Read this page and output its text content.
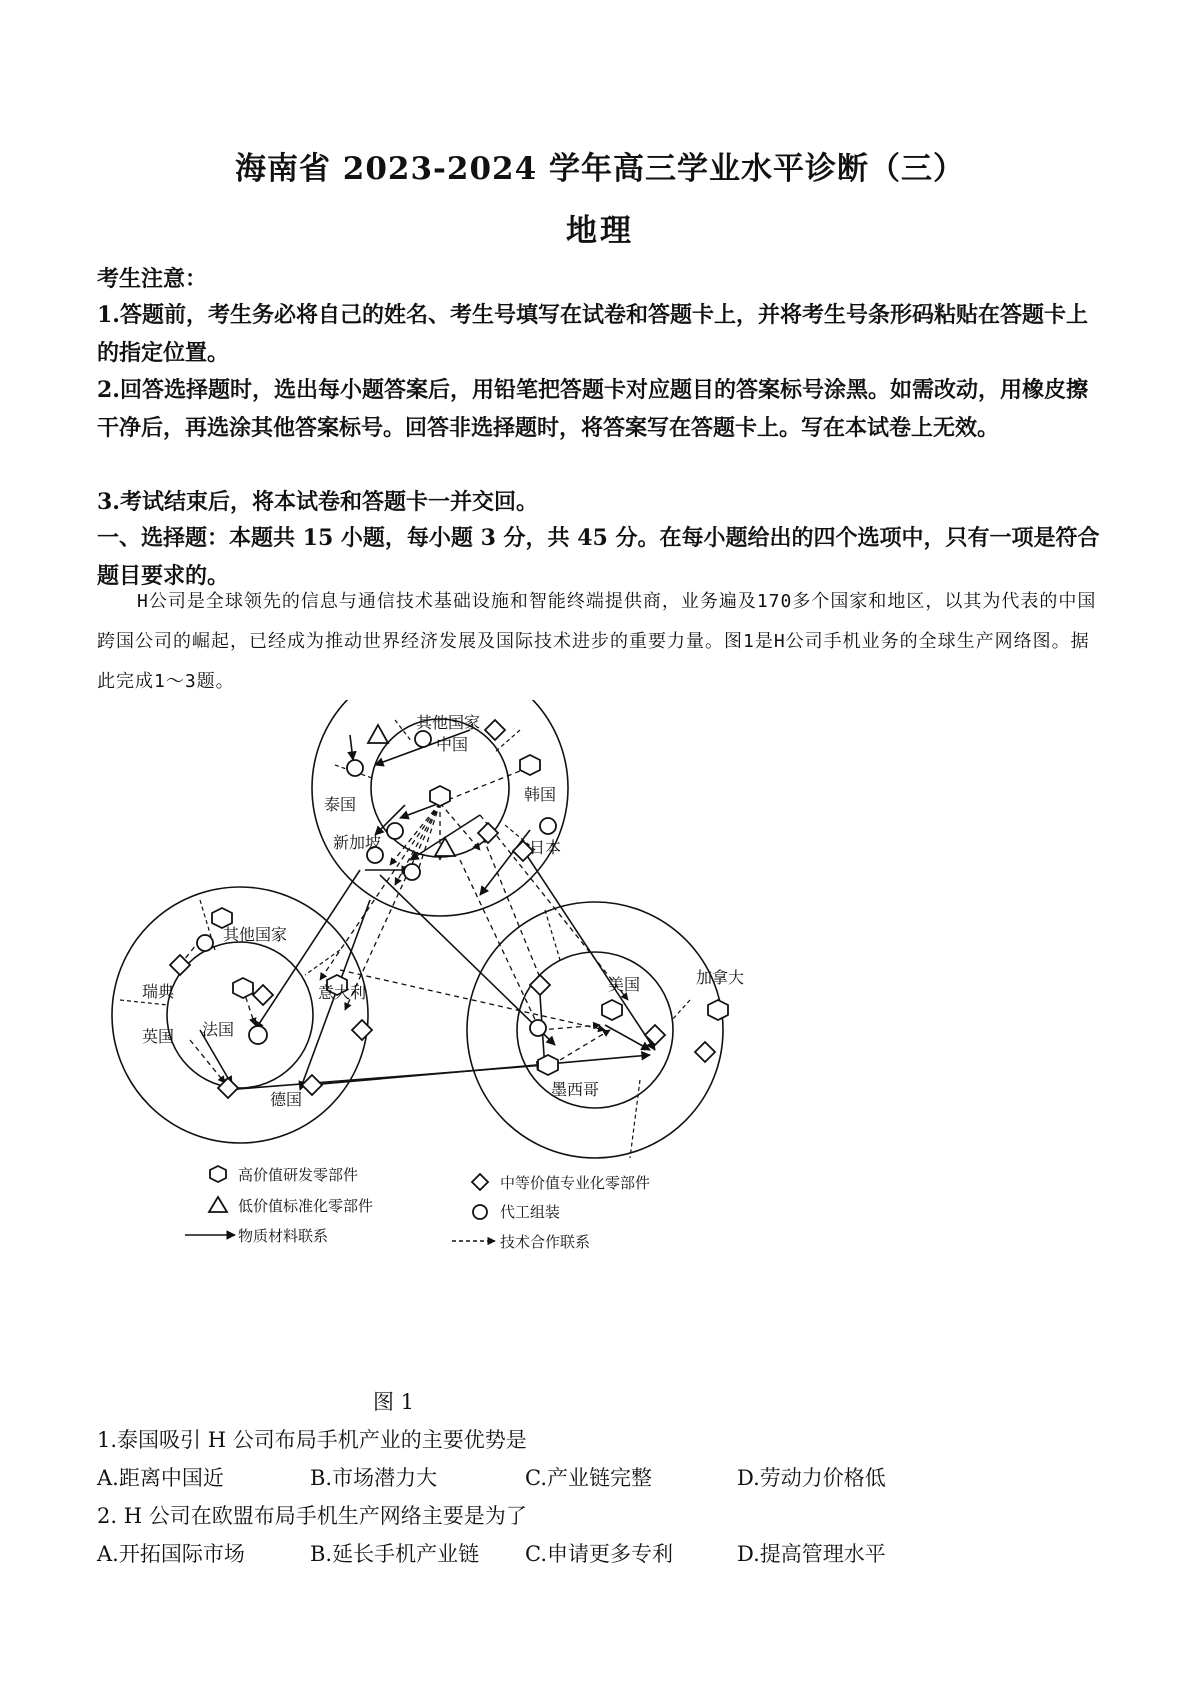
海南省 2023-2024 学年高三学业水平诊断（三）
地理
考生注意：
1.答题前，考生务必将自己的姓名、考生号填写在试卷和答题卡上，并将考生号条形码粘贴在答题卡上的指定位置。
2.回答选择题时，选出每小题答案后，用铅笔把答题卡对应题目的答案标号涂黑。如需改动，用橡皮擦干净后，再选涂其他答案标号。回答非选择题时，将答案写在答题卡上。写在本试卷上无效。
3.考试结束后，将本试卷和答题卡一并交回。
一、选择题：本题共 15 小题，每小题 3 分，共 45 分。在每小题给出的四个选项中，只有一项是符合题目要求的。
H公司是全球领先的信息与通信技术基础设施和智能终端提供商，业务遍及170多个国家和地区，以其为代表的中国跨国公司的崛起，已经成为推动世界经济发展及国际技术进步的重要力量。图1是H公司手机业务的全球生产网络图。据此完成1～3题。
其他国家
中国
泰国
韩国
新加坡	日本
其他国家
瑞典	意大利
英国 法国
德国
美国	加拿大
墨西哥
高价值研发零部件	中等价值专业化零部件
低价值标准化零部件	代工组装
物质材料联系	技术合作联系
图 1
1.泰国吸引 H 公司布局手机产业的主要优势是
A.距离中国近	B.市场潜力大	C.产业链完整	D.劳动力价格低
2. H 公司在欧盟布局手机生产网络主要是为了
A.开拓国际市场	B.延长手机产业链 C.申请更多专利	D.提高管理水平
